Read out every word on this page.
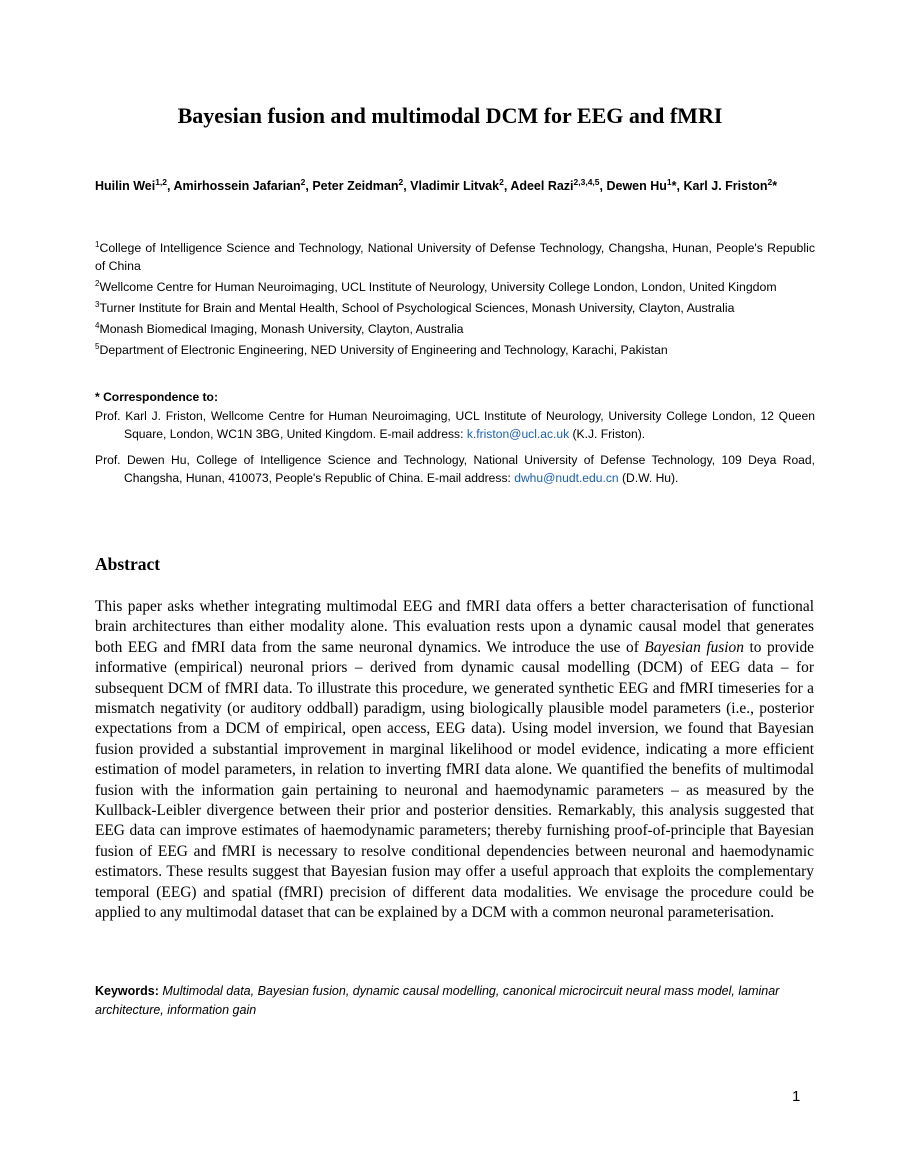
Bayesian fusion and multimodal DCM for EEG and fMRI
Huilin Wei$^{1,2}$, Amirhossein Jafarian$^2$, Peter Zeidman$^2$, Vladimir Litvak$^2$, Adeel Razi$^{2,3,4,5}$, Dewen Hu$^1$*, Karl J. Friston$^2$*

$^1$College of Intelligence Science and Technology, National University of Defense Technology, Changsha, Hunan, People's Republic of China

$^2$Wellcome Centre for Human Neuroimaging, UCL Institute of Neurology, University College London, London, United Kingdom

$^3$Turner Institute for Brain and Mental Health, School of Psychological Sciences, Monash University, Clayton, Australia

$^4$Monash Biomedical Imaging, Monash University, Clayton, Australia

$^5$Department of Electronic Engineering, NED University of Engineering and Technology, Karachi, Pakistan

* Correspondence to:

Prof. Karl J. Friston, Wellcome Centre for Human Neuroimaging, UCL Institute of Neurology, University College London, 12 Queen Square, London, WC1N 3BG, United Kingdom. E-mail address: k.friston@ucl.ac.uk (K.J. Friston).

Prof. Dewen Hu, College of Intelligence Science and Technology, National University of Defense Technology, 109 Deya Road, Changsha, Hunan, 410073, People's Republic of China. E-mail address: dwhu@nudt.edu.cn (D.W. Hu).

Abstract

This paper asks whether integrating multimodal EEG and fMRI data offers a better characterisation of functional brain architectures than either modality alone. This evaluation rests upon a dynamic causal model that generates both EEG and fMRI data from the same neuronal dynamics. We introduce the use of Bayesian fusion to provide informative (empirical) neuronal priors – derived from dynamic causal modelling (DCM) of EEG data – for subsequent DCM of fMRI data. To illustrate this procedure, we generated synthetic EEG and fMRI timeseries for a mismatch negativity (or auditory oddball) paradigm, using biologically plausible model parameters (i.e., posterior expectations from a DCM of empirical, open access, EEG data). Using model inversion, we found that Bayesian fusion provided a substantial improvement in marginal likelihood or model evidence, indicating a more efficient estimation of model parameters, in relation to inverting fMRI data alone. We quantified the benefits of multimodal fusion with the information gain pertaining to neuronal and haemodynamic parameters – as measured by the Kullback-Leibler divergence between their prior and posterior densities. Remarkably, this analysis suggested that EEG data can improve estimates of haemodynamic parameters; thereby furnishing proof-of-principle that Bayesian fusion of EEG and fMRI is necessary to resolve conditional dependencies between neuronal and haemodynamic estimators. These results suggest that Bayesian fusion may offer a useful approach that exploits the complementary temporal (EEG) and spatial (fMRI) precision of different data modalities. We envisage the procedure could be applied to any multimodal dataset that can be explained by a DCM with a common neuronal parameterisation.

Keywords: Multimodal data, Bayesian fusion, dynamic causal modelling, canonical microcircuit neural mass model, laminar architecture, information gain
1
